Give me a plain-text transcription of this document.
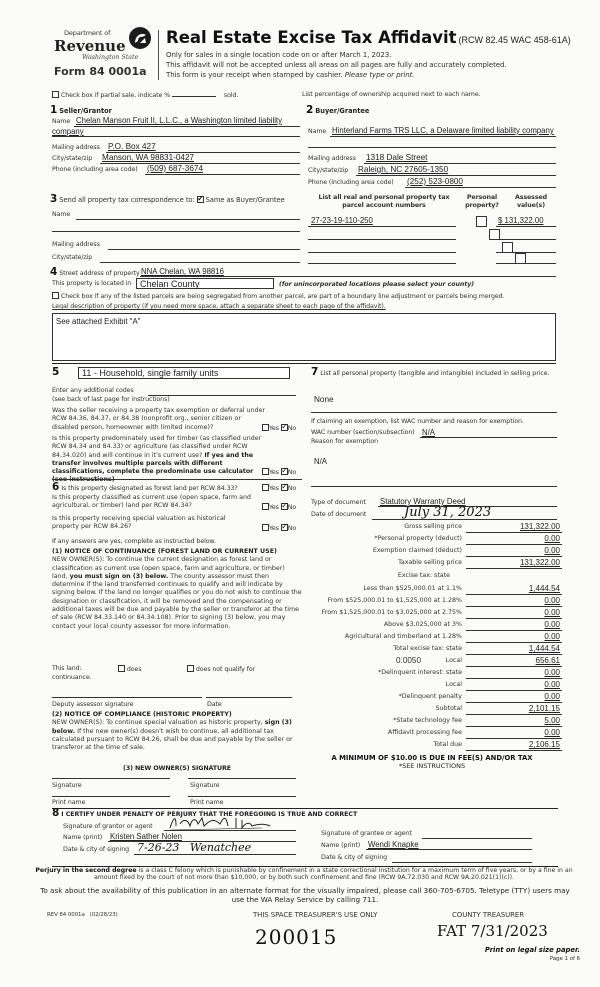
Department of
Revenue
Washington State
Form 84 0001a
Real Estate Excise Tax Affidavit (RCW 82.45 WAC 458-61A)
Only for sales in a single location code on or after March 1, 2023.
This affidavit will not be accepted unless all areas on all pages are fully and accurately completed.
This form is your receipt when stamped by cashier. Please type or print.
Check box if partial sale, indicate %	sold.	List percentage of ownership acquired next to each name.
1 Seller/Grantor
Name Chelan Manson Fruit II, L.L.C., a Washington limited liability
company
Mailing address P.O. Box 427
City/state/zip Manson, WA 98831-0427
Phone (including area code) (509) 687-3674
2 Buyer/Grantee
Name Hinterland Farms TRS LLC, a Delaware limited liability company
Mailing address 1318 Dale Street
City/state/zip Raleigh, NC 27605-1350
Phone (including area code) (252) 523-0800
3 Send all property tax correspondence to: ✓ Same as Buyer/Grantee
Name
Mailing address
City/state/zip
List all real and personal property tax parcel account numbers
Personal property?
Assessed value(s)
27-23-19-110-250
	$ 131,322.00

4 Street address of property NNA Chelan, WA 98816
This property is located in Chelan County	(for unincorporated locations please select your county)
Check box if any of the listed parcels are being segregated from another parcel, are part of a boundary line adjustment or parcels being merged.
Legal description of property (if you need more space, attach a separate sheet to each page of the affidavit).
See attached Exhibit "A"
5	11 - Household, single family units
Enter any additional codes
(see back of last page for instructions)
Was the seller receiving a property tax exemption or deferral under RCW 84.36, 84.37, or 84.38 (nonprofit org., senior citizen or disabled person, homeowner with limited income)?	Yes ✓ No
Is this property predominately used for timber (as classified under RCW 84.34 and 84.33) or agriculture (as classified under RCW 84.34.020) and will continue in it's current use? If yes and the transfer involves multiple parcels with different classifications, complete the predominate use calculator (see instructions)
Yes ✓ No
6 Is this property designated as forest land per RCW 84.33?	Yes ✓ No
Is this property classified as current use (open space, farm and agricultural, or timber) land per RCW 84.34?	Yes ✓ No
Is this property receiving special valuation as historical property per RCW 84.26?	Yes ✓ No
If any answers are yes, complete as instructed below.
(1) NOTICE OF CONTINUANCE (FOREST LAND OR CURRENT USE)
NEW OWNER(S): To continue the current designation as forest land or classification as current use (open space, farm and agriculture, or timber) land, you must sign on (3) below. The county assessor must then determine if the land transferred continues to qualify and will indicate by signing below. If the land no longer qualifies or you do not wish to continue the designation or classification, it will be removed and the compensating or additional taxes will be due and payable by the seller or transferor at the time of sale (RCW 84.33.140 or 84.34.108). Prior to signing (3) below, you may contact your local county assessor for more information.
This land:
continuance.
does	does not qualify for
Deputy assessor signature	Date
(2) NOTICE OF COMPLIANCE (HISTORIC PROPERTY)
NEW OWNER(S): To continue special valuation as historic property, sign (3) below. If the new owner(s) doesn't wish to continue, all additional tax calculated pursuant to RCW 84.26, shall be due and payable by the seller or transferor at the time of sale.
(3) NEW OWNER(S) SIGNATURE
Signature	Signature
Print name	Print name
7 List all personal property (tangible and intangible) included in selling price.
None
If claiming an exemption, list WAC number and reason for exemption.
WAC number (section/subsection) N/A
Reason for exemption
N/A
Type of document Statutory Warranty Deed
Date of document	July 31, 2023
Gross selling price	131,322.00
*Personal property (deduct)	0.00
Exemption claimed (deduct)	0.00
Taxable selling price	131,322.00
Excise tax: state
Less than $525,000.01 at 1.1%	1,444.54
From $525,000.01 to $1,525,000 at 1.28%	0.00
From $1,525,000.01 to $3,025,000 at 2.75%	0.00
Above $3,025,000 at 3%	0.00
Agricultural and timberland at 1.28%	0.00
Total excise tax: state	1,444.54
0.0050	Local	656.61
*Delinquent interest: state	0.00
Local	0.00
*Delinquent penalty	0.00
Subtotal	2,101.15
*State technology fee	5.00
Affidavit processing fee	0.00
Total due	2,106.15
A MINIMUM OF $10.00 IS DUE IN FEE(S) AND/OR TAX
*SEE INSTRUCTIONS
8 I CERTIFY UNDER PENALTY OF PERJURY THAT THE FOREGOING IS TRUE AND CORRECT
Signature of grantor or agent
Name (print) Kristen Sather Nolen
Date & city of signing 7-26-23   Wenatchee
Signature of grantee or agent
Name (print) Wendi Knapke
Date & city of signing
Perjury in the second degree is a class C felony which is punishable by confinement in a state correctional institution for a maximum term of five years, or by a fine in an amount fixed by the court of not more than $10,000, or by both such confinement and fine (RCW 9A.72.030 and RCW 9A.20.021(1)(c)).
To ask about the availability of this publication in an alternate format for the visually impaired, please call 360-705-6705. Teletype (TTY) users may use the WA Relay Service by calling 711.
REV 84 0001a   (02/28/23)	THIS SPACE TREASURER'S USE ONLY	COUNTY TREASURER
200015	FAT 7/31/2023
Print on legal size paper.
Page 1 of 6
